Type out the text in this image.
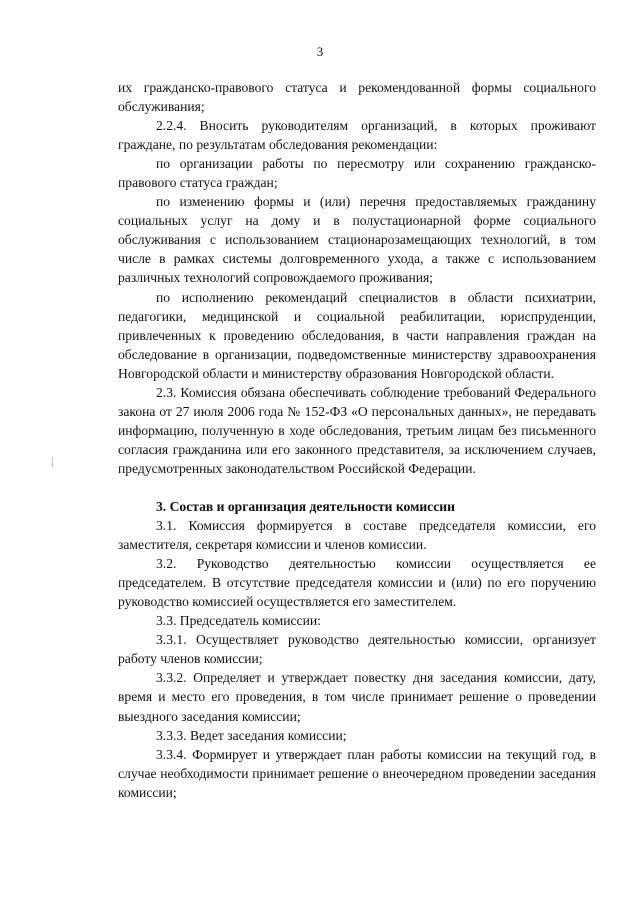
3

их гражданско-правового статуса и рекомендованной формы социального обслуживания;

2.2.4. Вносить руководителям организаций, в которых проживают граждане, по результатам обследования рекомендации:

по организации работы по пересмотру или сохранению гражданско-правового статуса граждан;

по изменению формы и (или) перечня предоставляемых гражданину социальных услуг на дому и в полустационарной форме социального обслуживания с использованием стационарозамещающих технологий, в том числе в рамках системы долговременного ухода, а также с использованием различных технологий сопровождаемого проживания;

по исполнению рекомендаций специалистов в области психиатрии, педагогики, медицинской и социальной реабилитации, юриспруденции, привлеченных к проведению обследования, в части направления граждан на обследование в организации, подведомственные министерству здравоохранения Новгородской области и министерству образования Новгородской области.

2.3. Комиссия обязана обеспечивать соблюдение требований Федерального закона от 27 июля 2006 года № 152-ФЗ «О персональных данных», не передавать информацию, полученную в ходе обследования, третьим лицам без письменного согласия гражданина или его законного представителя, за исключением случаев, предусмотренных законодательством Российской Федерации.

3. Состав и организация деятельности комиссии

3.1. Комиссия формируется в составе председателя комиссии, его заместителя, секретаря комиссии и членов комиссии.

3.2. Руководство деятельностью комиссии осуществляется ее председателем. В отсутствие председателя комиссии и (или) по его поручению руководство комиссией осуществляется его заместителем.

3.3. Председатель комиссии:

3.3.1. Осуществляет руководство деятельностью комиссии, организует работу членов комиссии;

3.3.2. Определяет и утверждает повестку дня заседания комиссии, дату, время и место его проведения, в том числе принимает решение о проведении выездного заседания комиссии;

3.3.3. Ведет заседания комиссии;

3.3.4. Формирует и утверждает план работы комиссии на текущий год, в случае необходимости принимает решение о внеочередном проведении заседания комиссии;
